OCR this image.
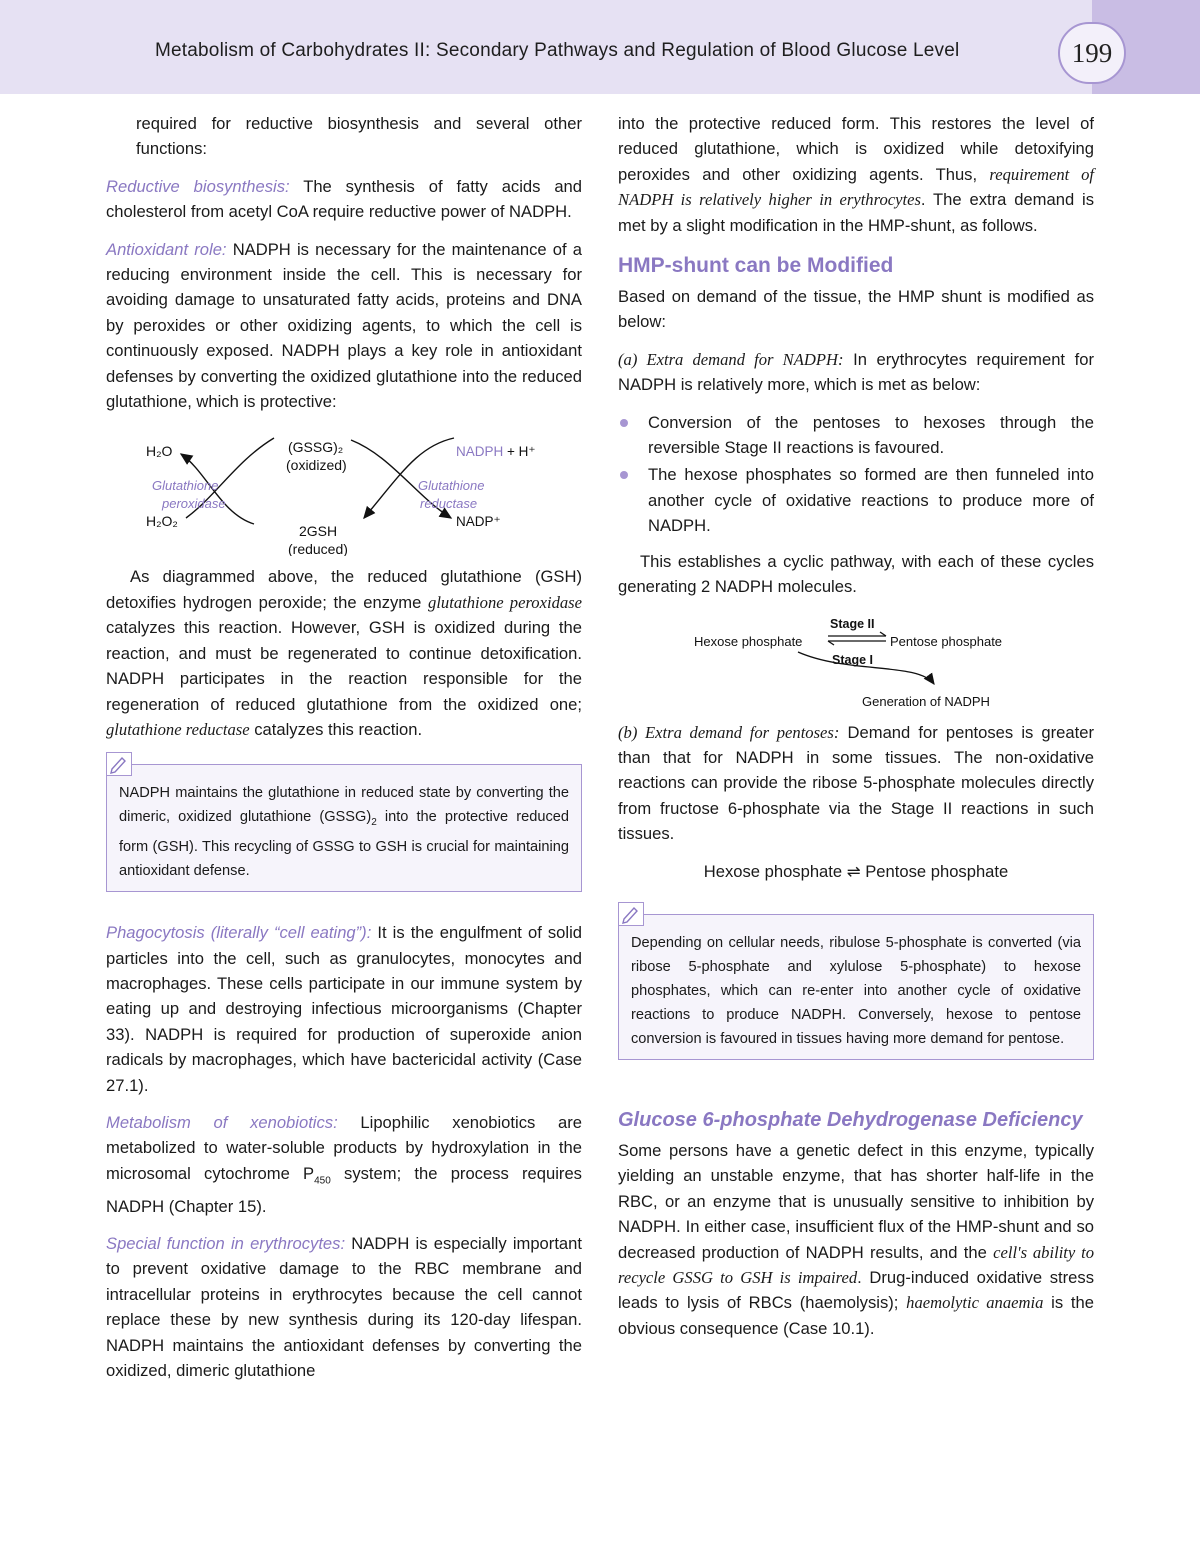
Metabolism of Carbohydrates II: Secondary Pathways and Regulation of Blood Glucose Level	199

required for reductive biosynthesis and several other functions:

Reductive biosynthesis: The synthesis of fatty acids and cholesterol from acetyl CoA require reductive power of NADPH.

Antioxidant role: NADPH is necessary for the maintenance of a reducing environment inside the cell. This is necessary for avoiding damage to unsaturated fatty acids, proteins and DNA by peroxides or other oxidizing agents, to which the cell is continuously exposed. NADPH plays a key role in antioxidant defenses by converting the oxidized glutathione into the reduced glutathione, which is protective:

H₂O
H₂O₂
(GSSG)₂
(oxidized)
2GSH
(reduced)
Glutathione
peroxidase
Glutathione
reductase
NADPH + H⁺
NADP⁺

As diagrammed above, the reduced glutathione (GSH) detoxifies hydrogen peroxide; the enzyme glutathione peroxidase catalyzes this reaction. However, GSH is oxidized during the reaction, and must be regenerated to continue detoxification. NADPH participates in the reaction responsible for the regeneration of reduced glutathione from the oxidized one; glutathione reductase catalyzes this reaction.

NADPH maintains the glutathione in reduced state by converting the dimeric, oxidized glutathione $(GSSG)_2$ into the protective reduced form (GSH). This recycling of GSSG to GSH is crucial for maintaining antioxidant defense.

Phagocytosis (literally “cell eating”): It is the engulfment of solid particles into the cell, such as granulocytes, monocytes and macrophages. These cells participate in our immune system by eating up and destroying infectious microorganisms (Chapter 33). NADPH is required for production of superoxide anion radicals by macrophages, which have bactericidal activity (Case 27.1).

Metabolism of xenobiotics: Lipophilic xenobiotics are metabolized to water-soluble products by hydroxylation in the microsomal cytochrome $P_{450}$ system; the process requires NADPH (Chapter 15).

Special function in erythrocytes: NADPH is especially important to prevent oxidative damage to the RBC membrane and intracellular proteins in erythrocytes because the cell cannot replace these by new synthesis during its 120-day lifespan. NADPH maintains the antioxidant defenses by converting the oxidized, dimeric glutathione

into the protective reduced form. This restores the level of reduced glutathione, which is oxidized while detoxifying peroxides and other oxidizing agents. Thus, requirement of NADPH is relatively higher in erythrocytes. The extra demand is met by a slight modification in the HMP-shunt, as follows.

HMP-shunt can be Modified

Based on demand of the tissue, the HMP shunt is modified as below:

(a) Extra demand for NADPH: In erythrocytes requirement for NADPH is relatively more, which is met as below:

Conversion of the pentoses to hexoses through the reversible Stage II reactions is favoured.
The hexose phosphates so formed are then funneled into another cycle of oxidative reactions to produce more of NADPH.

This establishes a cyclic pathway, with each of these cycles generating 2 NADPH molecules.

Hexose phosphate	Pentose phosphate
Stage II
Stage I
Generation of NADPH

(b) Extra demand for pentoses: Demand for pentoses is greater than that for NADPH in some tissues. The non-oxidative reactions can provide the ribose 5-phosphate molecules directly from fructose 6-phosphate via the Stage II reactions in such tissues.

Hexose phosphate ⇌ Pentose phosphate

Depending on cellular needs, ribulose 5-phosphate is converted (via ribose 5-phosphate and xylulose 5-phosphate) to hexose phosphates, which can re-enter into another cycle of oxidative reactions to produce NADPH. Conversely, hexose to pentose conversion is favoured in tissues having more demand for pentose.

Glucose 6-phosphate Dehydrogenase Deficiency

Some persons have a genetic defect in this enzyme, typically yielding an unstable enzyme, that has shorter half-life in the RBC, or an enzyme that is unusually sensitive to inhibition by NADPH. In either case, insufficient flux of the HMP-shunt and so decreased production of NADPH results, and the cell's ability to recycle GSSG to GSH is impaired. Drug-induced oxidative stress leads to lysis of RBCs (haemolysis); haemolytic anaemia is the obvious consequence (Case 10.1).
